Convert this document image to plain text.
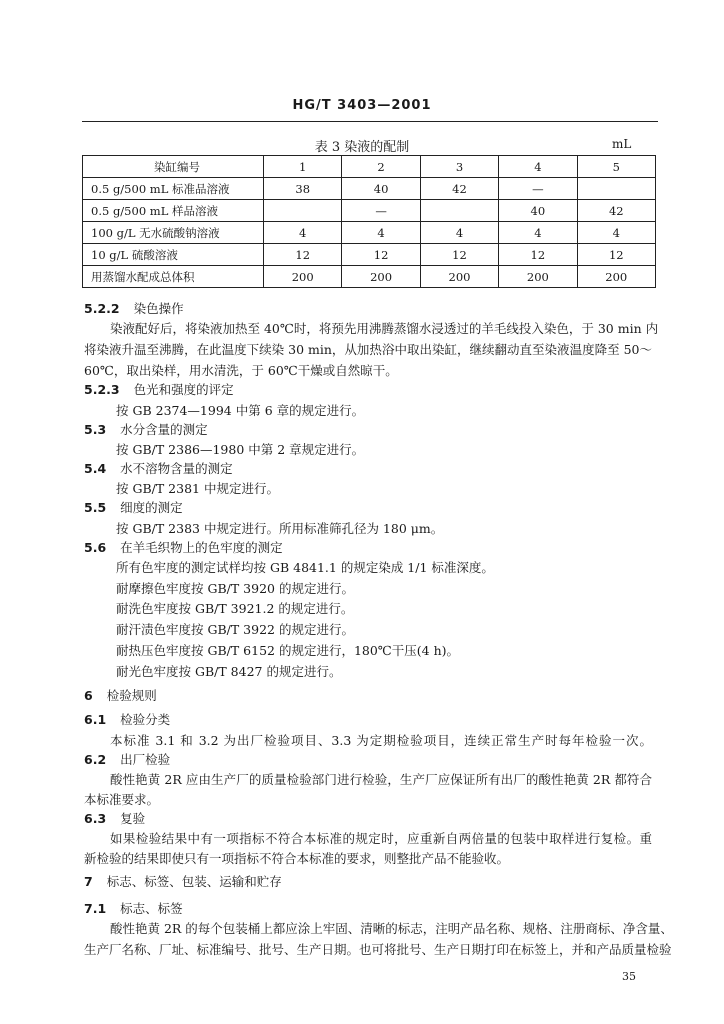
HG/T 3403—2001
表 3 染液的配制	mL
染缸编号	1	2	3	4	5
0.5 g/500 mL 标准品溶液	38	40	42	—	
0.5 g/500 mL 样品溶液		—		40	42
100 g/L 无水硫酸钠溶液	4	4	4	4	4
10 g/L 硫酸溶液	12	12	12	12	12
用蒸馏水配成总体积	200	200	200	200	200
35
5.2.2 染色操作
染液配好后，将染液加热至 40℃时，将预先用沸腾蒸馏水浸透过的羊毛线投入染色，于 30 min 内
将染液升温至沸腾，在此温度下续染 30 min，从加热浴中取出染缸，继续翻动直至染液温度降至 50～
60℃，取出染样，用水清洗，于 60℃干燥或自然晾干。
5.2.3 色光和强度的评定
按 GB 2374—1994 中第 6 章的规定进行。
5.3 水分含量的测定
按 GB/T 2386—1980 中第 2 章规定进行。
5.4 水不溶物含量的测定
按 GB/T 2381 中规定进行。
5.5 细度的测定
按 GB/T 2383 中规定进行。所用标准筛孔径为 180 μm。
5.6 在羊毛织物上的色牢度的测定
所有色牢度的测定试样均按 GB 4841.1 的规定染成 1/1 标准深度。
耐摩擦色牢度按 GB/T 3920 的规定进行。
耐洗色牢度按 GB/T 3921.2 的规定进行。
耐汗渍色牢度按 GB/T 3922 的规定进行。
耐热压色牢度按 GB/T 6152 的规定进行，180℃干压(4 h)。
耐光色牢度按 GB/T 8427 的规定进行。
6 检验规则
6.1 检验分类
本标准 3.1 和 3.2 为出厂检验项目、3.3 为定期检验项目，连续正常生产时每年检验一次。
6.2 出厂检验
酸性艳黄 2R 应由生产厂的质量检验部门进行检验，生产厂应保证所有出厂的酸性艳黄 2R 都符合
本标准要求。
6.3 复验
如果检验结果中有一项指标不符合本标准的规定时，应重新自两倍量的包装中取样进行复检。重
新检验的结果即使只有一项指标不符合本标准的要求，则整批产品不能验收。
7 标志、标签、包装、运输和贮存
7.1 标志、标签
酸性艳黄 2R 的每个包装桶上都应涂上牢固、清晰的标志，注明产品名称、规格、注册商标、净含量、
生产厂名称、厂址、标准编号、批号、生产日期。也可将批号、生产日期打印在标签上，并和产品质量检验
